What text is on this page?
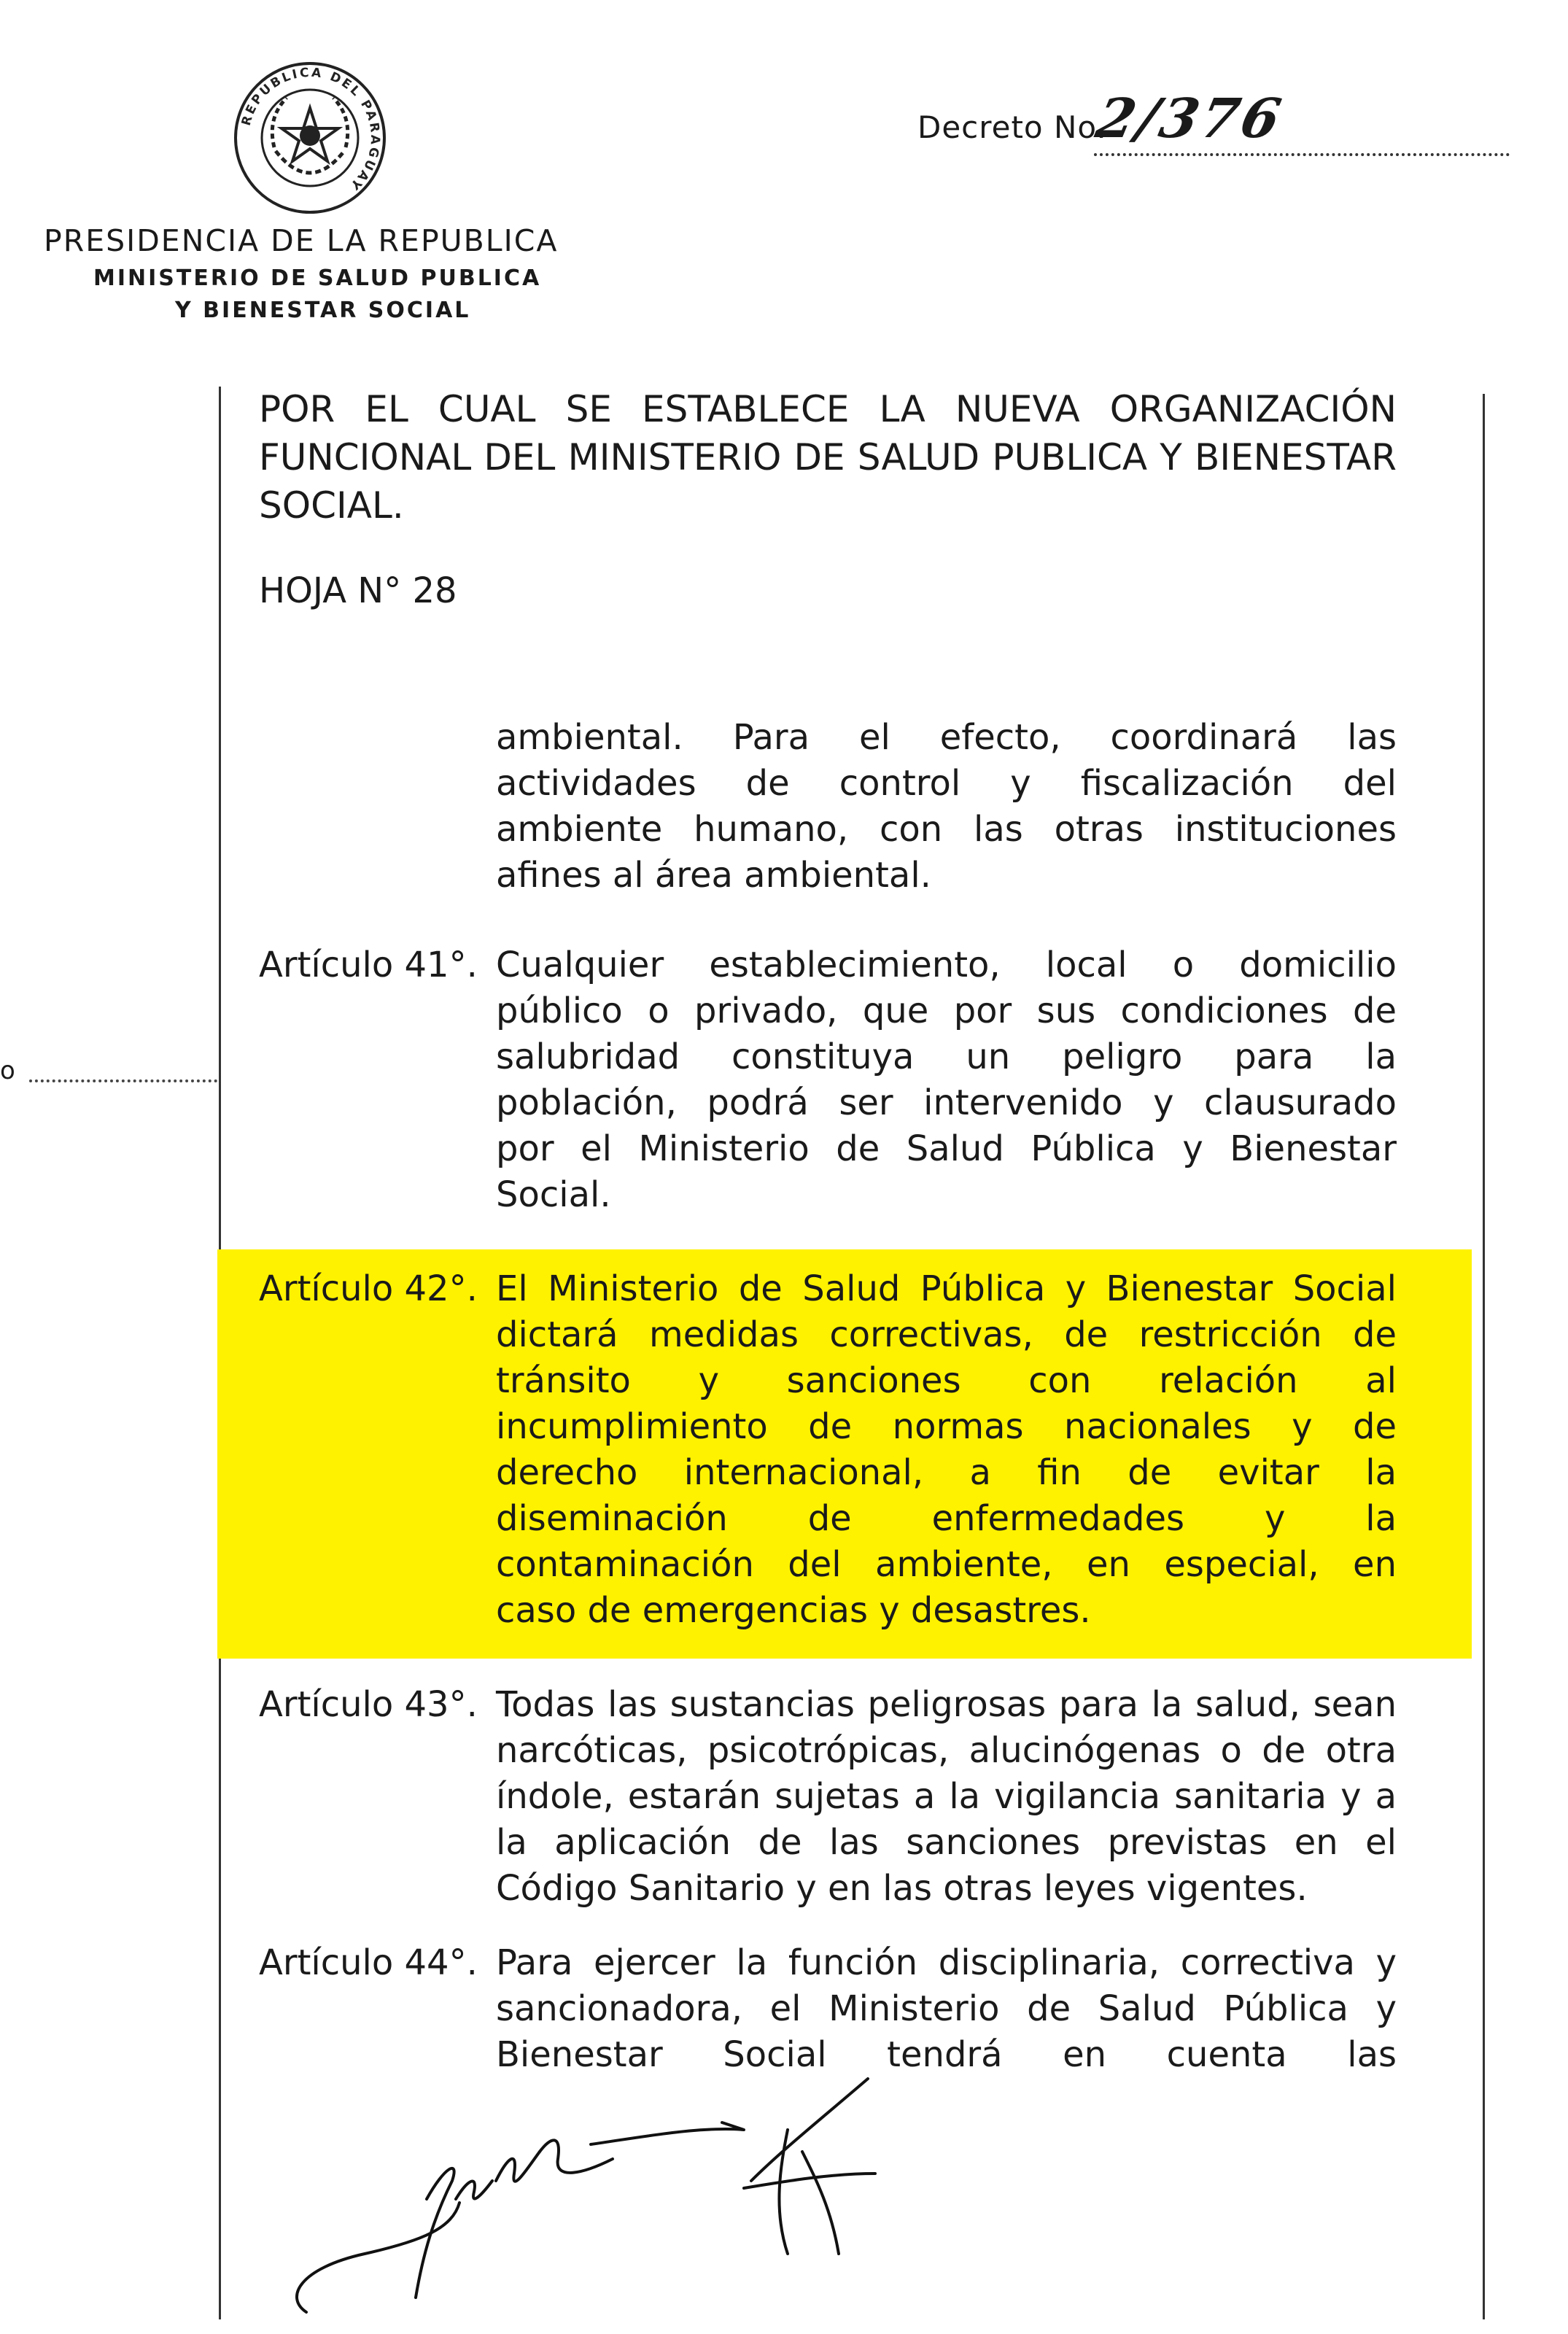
REPUBLICA DEL PARAGUAY
Decreto No.
2/376
PRESIDENCIA DE LA REPUBLICA
MINISTERIO DE SALUD PUBLICA
Y BIENESTAR SOCIAL
o
POR EL CUAL SE ESTABLECE LA NUEVA ORGANIZACIÓN
FUNCIONAL DEL MINISTERIO DE SALUD PUBLICA Y BIENESTAR
SOCIAL.
HOJA N° 28
ambiental. Para el efecto, coordinará las
actividades de control y fiscalización del
ambiente humano, con las otras instituciones
afines al área ambiental.
Artículo 41°. Cualquier establecimiento, local o domicilio
público o privado, que por sus condiciones de
salubridad constituya un peligro para la
población, podrá ser intervenido y clausurado
por el Ministerio de Salud Pública y Bienestar
Social.
Artículo 42°. El Ministerio de Salud Pública y Bienestar Social
dictará medidas correctivas, de restricción de
tránsito y sanciones con relación al
incumplimiento de normas nacionales y de
derecho internacional, a fin de evitar la
diseminación de enfermedades y la
contaminación del ambiente, en especial, en
caso de emergencias y desastres.
Artículo 43°. Todas las sustancias peligrosas para la salud, sean
narcóticas, psicotrópicas, alucinógenas o de otra
índole, estarán sujetas a la vigilancia sanitaria y a
la aplicación de las sanciones previstas en el
Código Sanitario y en las otras leyes vigentes.
Artículo 44°. Para ejercer la función disciplinaria, correctiva y
sancionadora, el Ministerio de Salud Pública y
Bienestar Social tendrá en cuenta las
